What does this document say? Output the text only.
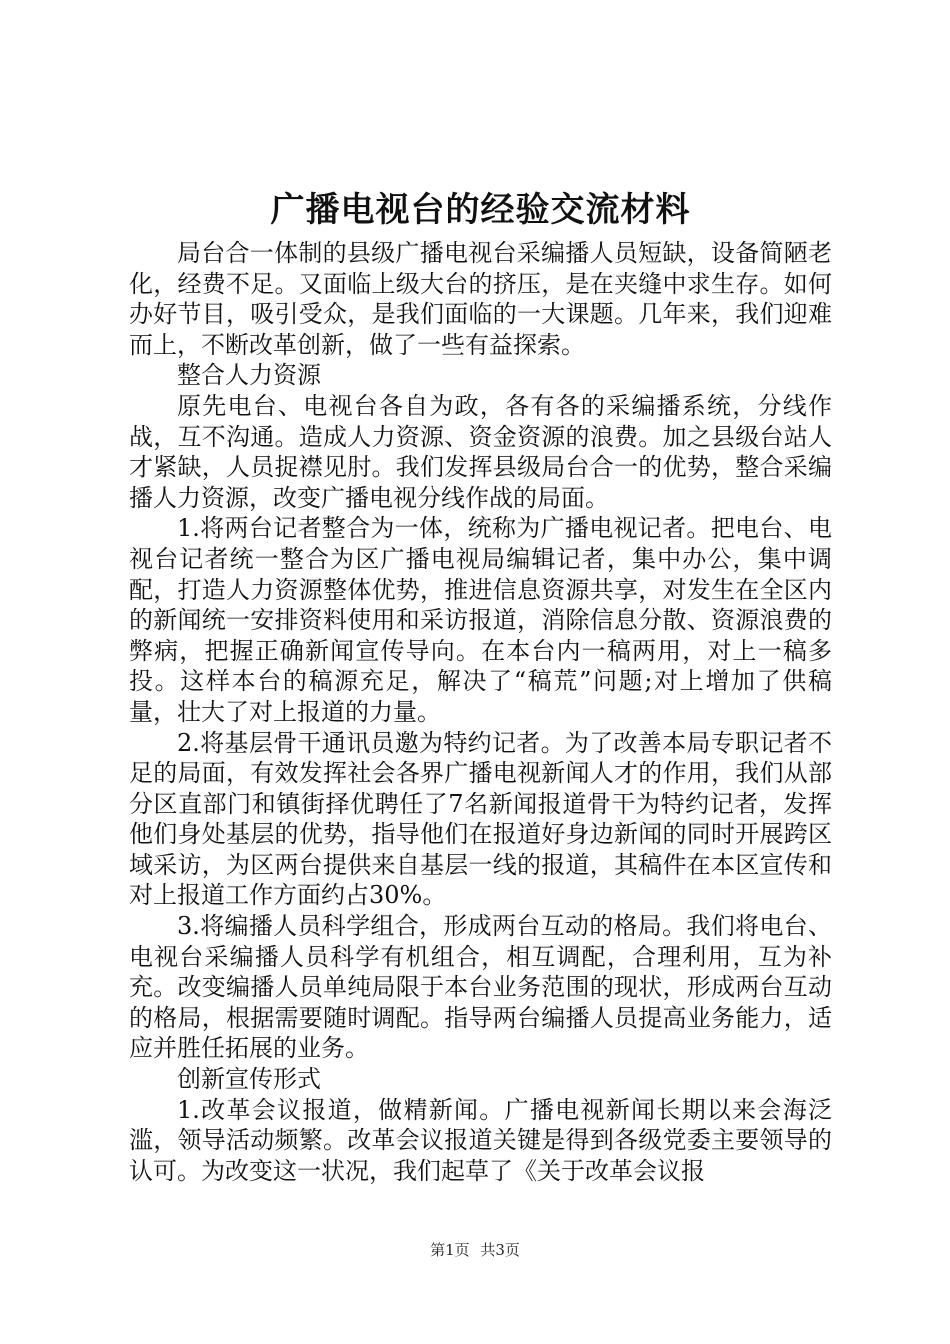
广播电视台的经验交流材料

局台合一体制的县级广播电视台采编播人员短缺，设备简陋老化，经费不足。又面临上级大台的挤压，是在夹缝中求生存。如何办好节目，吸引受众，是我们面临的一大课题。几年来，我们迎难而上，不断改革创新，做了一些有益探索。

整合人力资源

原先电台、电视台各自为政，各有各的采编播系统，分线作战，互不沟通。造成人力资源、资金资源的浪费。加之县级台站人才紧缺，人员捉襟见肘。我们发挥县级局台合一的优势，整合采编播人力资源，改变广播电视分线作战的局面。

1.将两台记者整合为一体，统称为广播电视记者。把电台、电视台记者统一整合为区广播电视局编辑记者，集中办公，集中调配，打造人力资源整体优势，推进信息资源共享，对发生在全区内的新闻统一安排资料使用和采访报道，消除信息分散、资源浪费的弊病，把握正确新闻宣传导向。在本台内一稿两用，对上一稿多投。这样本台的稿源充足，解决了“稿荒”问题;对上增加了供稿量，壮大了对上报道的力量。

2.将基层骨干通讯员邀为特约记者。为了改善本局专职记者不足的局面，有效发挥社会各界广播电视新闻人才的作用，我们从部分区直部门和镇街择优聘任了7名新闻报道骨干为特约记者，发挥他们身处基层的优势，指导他们在报道好身边新闻的同时开展跨区域采访，为区两台提供来自基层一线的报道，其稿件在本区宣传和对上报道工作方面约占30%。

3.将编播人员科学组合，形成两台互动的格局。我们将电台、电视台采编播人员科学有机组合，相互调配，合理利用，互为补充。改变编播人员单纯局限于本台业务范围的现状，形成两台互动的格局，根据需要随时调配。指导两台编播人员提高业务能力，适应并胜任拓展的业务。

创新宣传形式

1.改革会议报道，做精新闻。广播电视新闻长期以来会海泛滥，领导活动频繁。改革会议报道关键是得到各级党委主要领导的认可。为改变这一状况，我们起草了《关于改革会议报

第1页 共3页
